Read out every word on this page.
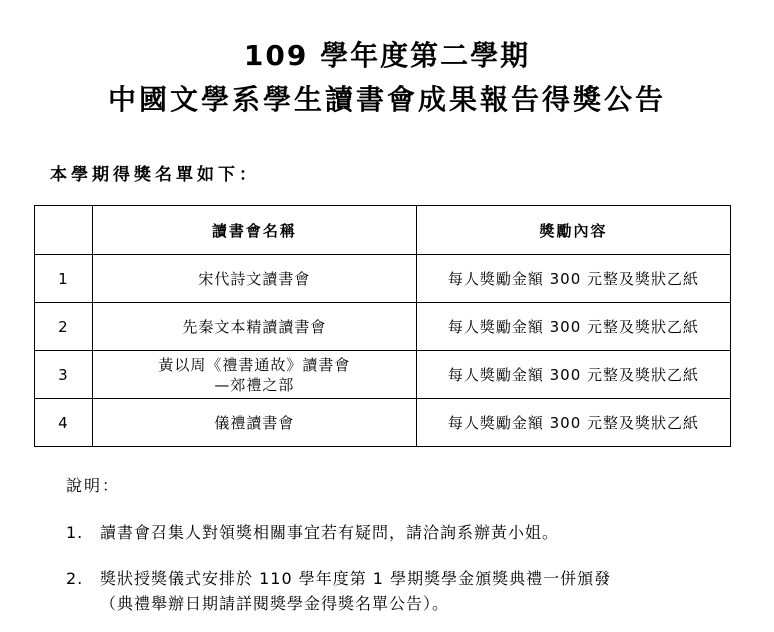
109 學年度第二學期
中國文學系學生讀書會成果報告得獎公告
本學期得獎名單如下：
	讀書會名稱	獎勵內容
1	宋代詩文讀書會	每人獎勵金額 300 元整及獎狀乙紙
2	先秦文本精讀讀書會	每人獎勵金額 300 元整及獎狀乙紙
3	黃以周《禮書通故》讀書會
—郊禮之部	每人獎勵金額 300 元整及獎狀乙紙
4	儀禮讀書會	每人獎勵金額 300 元整及獎狀乙紙
說明：
1. 讀書會召集人對領獎相關事宜若有疑問，請洽詢系辦黃小姐。
2. 獎狀授獎儀式安排於 110 學年度第 1 學期獎學金頒獎典禮一併頒發
（典禮舉辦日期請詳閱獎學金得獎名單公告）。
